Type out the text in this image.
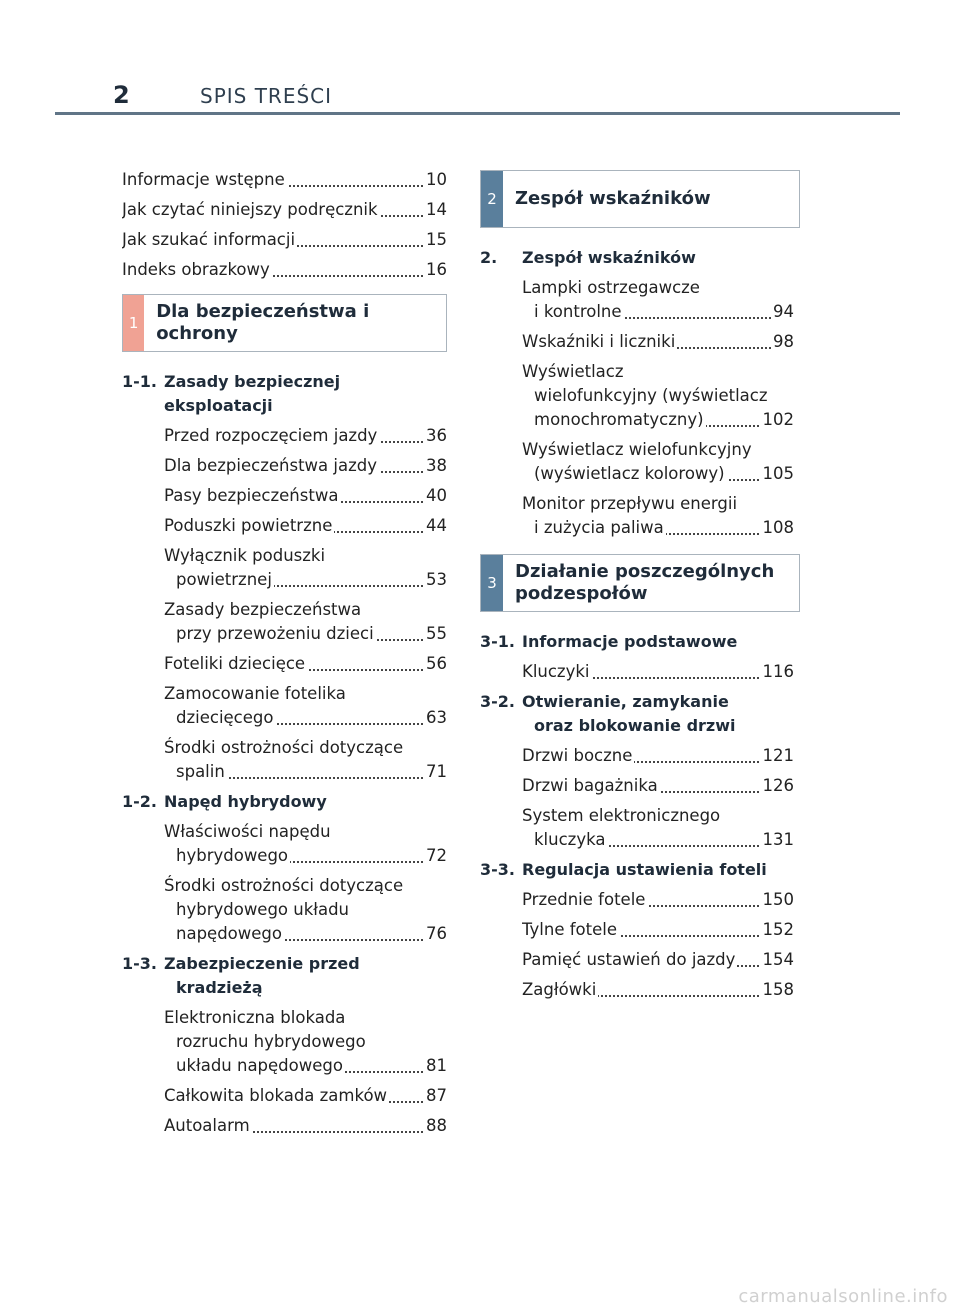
2	SPIS TREŚCI
Informacje wstępne	10
Jak czytać niniejszy podręcznik	14
Jak szukać informacji	15
Indeks obrazkowy	16
1
Dla bezpieczeństwa i ochrony
1-1. Zasady bezpiecznej eksploatacji
Przed rozpoczęciem jazdy	36
Dla bezpieczeństwa jazdy	38
Pasy bezpieczeństwa	40
Poduszki powietrzne	44
Wyłącznik poduszki
powietrznej	53
Zasady bezpieczeństwa
przy przewożeniu dzieci	55
Foteliki dziecięce	56
Zamocowanie fotelika
dziecięcego	63
Środki ostrożności dotyczące
spalin	71
1-2. Napęd hybrydowy
Właściwości napędu
hybrydowego	72
Środki ostrożności dotyczące
hybrydowego układu
napędowego	76
1-3. Zabezpieczenie przed
kradzieżą
Elektroniczna blokada
rozruchu hybrydowego
układu napędowego	81
Całkowita blokada zamków 87
Autoalarm	88
2	Zespół wskaźników
2.	Zespół wskaźników
Lampki ostrzegawcze
i kontrolne	94
Wskaźniki i liczniki	98
Wyświetlacz
wielofunkcyjny (wyświetlacz
monochromatyczny)	102
Wyświetlacz wielofunkcyjny
(wyświetlacz kolorowy) 105
Monitor przepływu energii
i zużycia paliwa	108
3
Działanie poszczególnych
podzespołów
3-1. Informacje podstawowe
Kluczyki	116
3-2. Otwieranie, zamykanie
oraz blokowanie drzwi
Drzwi boczne	121
Drzwi bagażnika	126
System elektronicznego
kluczyka	131
3-3. Regulacja ustawienia foteli
Przednie fotele	150
Tylne fotele	152
Pamięć ustawień do jazdy 154
Zagłówki	158
carmanualsonline.info
